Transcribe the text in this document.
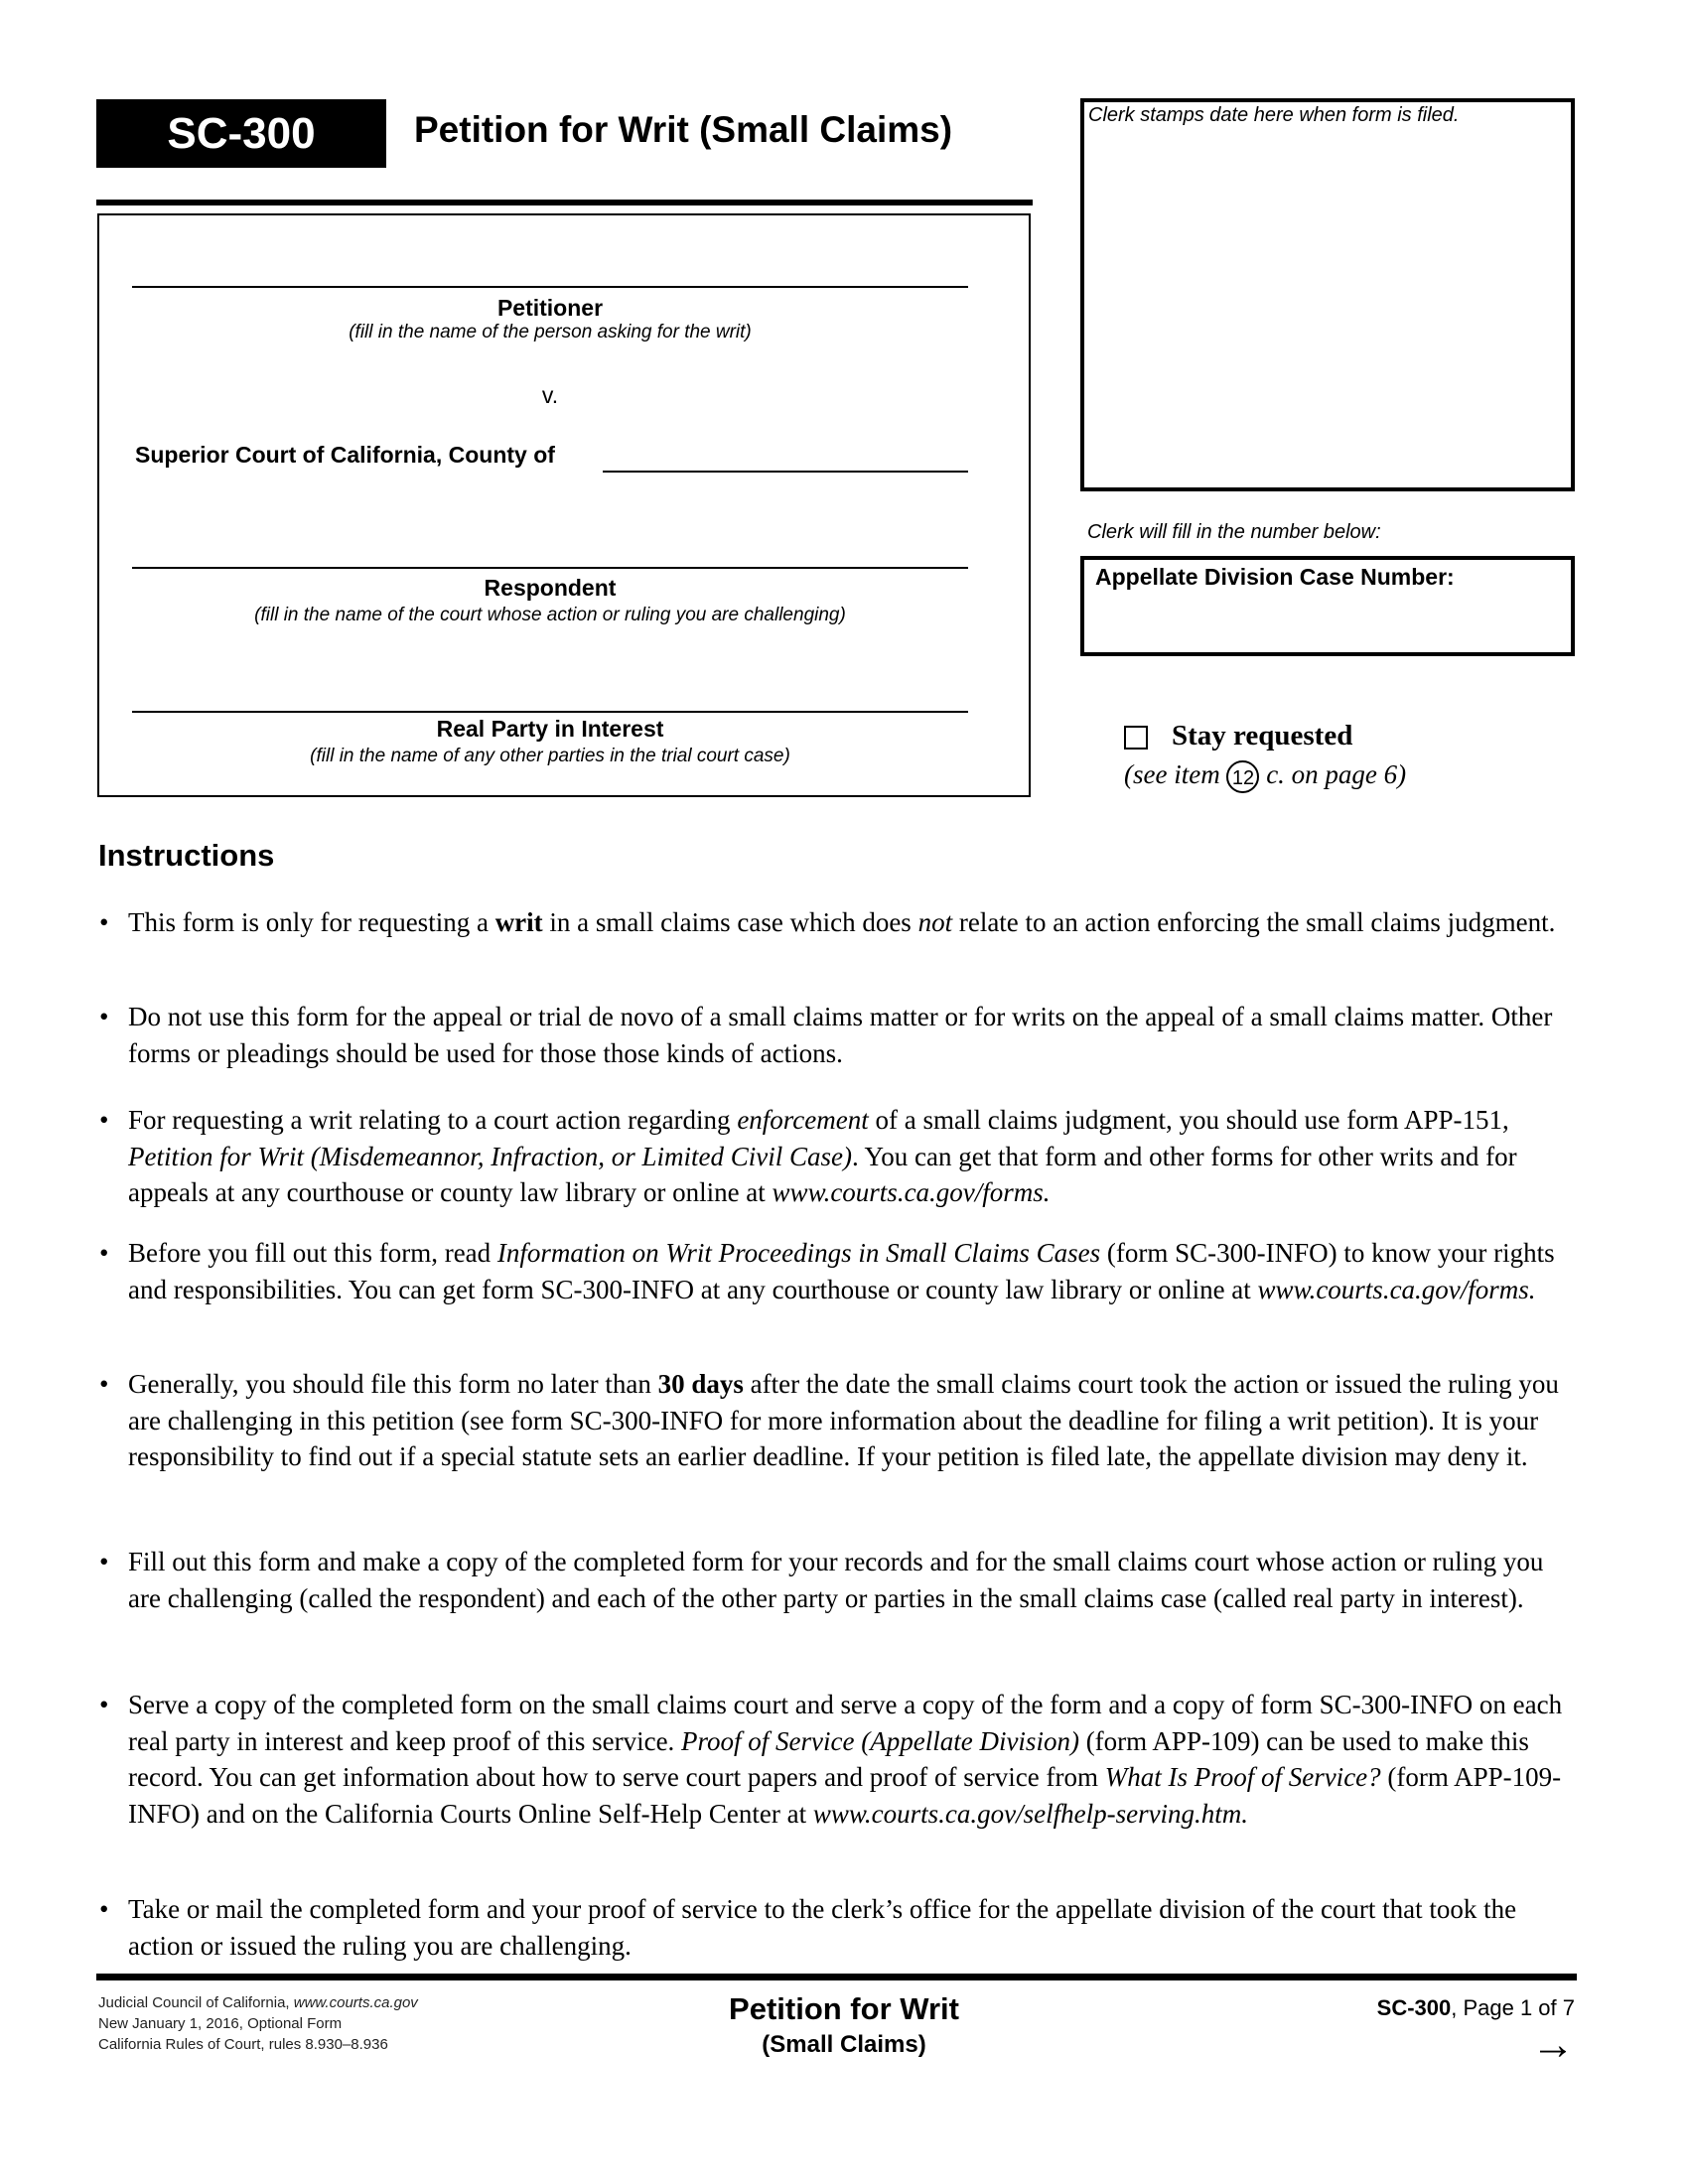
SC-300	Petition for Writ (Small Claims)
Petitioner
(fill in the name of the person asking for the writ)
v.
Superior Court of California, County of
Respondent
(fill in the name of the court whose action or ruling you are challenging)
Real Party in Interest
(fill in the name of any other parties in the trial court case)
Clerk stamps date here when form is filed.
Clerk will fill in the number below:
Appellate Division Case Number:
Stay requested
(see item 12 c. on page 6)
Instructions
• This form is only for requesting a writ in a small claims case which does not relate to an action enforcing the small claims judgment.
• Do not use this form for the appeal or trial de novo of a small claims matter or for writs on the appeal of a small claims matter. Other forms or pleadings should be used for those those kinds of actions.
• For requesting a writ relating to a court action regarding enforcement of a small claims judgment, you should use form APP-151, Petition for Writ (Misdemeannor, Infraction, or Limited Civil Case). You can get that form and other forms for other writs and for appeals at any courthouse or county law library or online at www.courts.ca.gov/forms.
• Before you fill out this form, read Information on Writ Proceedings in Small Claims Cases (form SC-300-INFO) to know your rights and responsibilities. You can get form SC-300-INFO at any courthouse or county law library or online at www.courts.ca.gov/forms.
• Generally, you should file this form no later than 30 days after the date the small claims court took the action or issued the ruling you are challenging in this petition (see form SC-300-INFO for more information about the deadline for filing a writ petition). It is your responsibility to find out if a special statute sets an earlier deadline. If your petition is filed late, the appellate division may deny it.
• Fill out this form and make a copy of the completed form for your records and for the small claims court whose action or ruling you are challenging (called the respondent) and each of the other party or parties in the small claims case (called real party in interest).
• Serve a copy of the completed form on the small claims court and serve a copy of the form and a copy of form SC-300-INFO on each real party in interest and keep proof of this service. Proof of Service (Appellate Division) (form APP-109) can be used to make this record. You can get information about how to serve court papers and proof of service from What Is Proof of Service? (form APP-109-INFO) and on the California Courts Online Self-Help Center at www.courts.ca.gov/selfhelp-serving.htm.
• Take or mail the completed form and your proof of service to the clerk’s office for the appellate division of the court that took the action or issued the ruling you are challenging.
Judicial Council of California, www.courts.ca.gov
New January 1, 2016, Optional Form
California Rules of Court, rules 8.930–8.936
Petition for Writ
(Small Claims)
SC-300, Page 1 of 7
→
